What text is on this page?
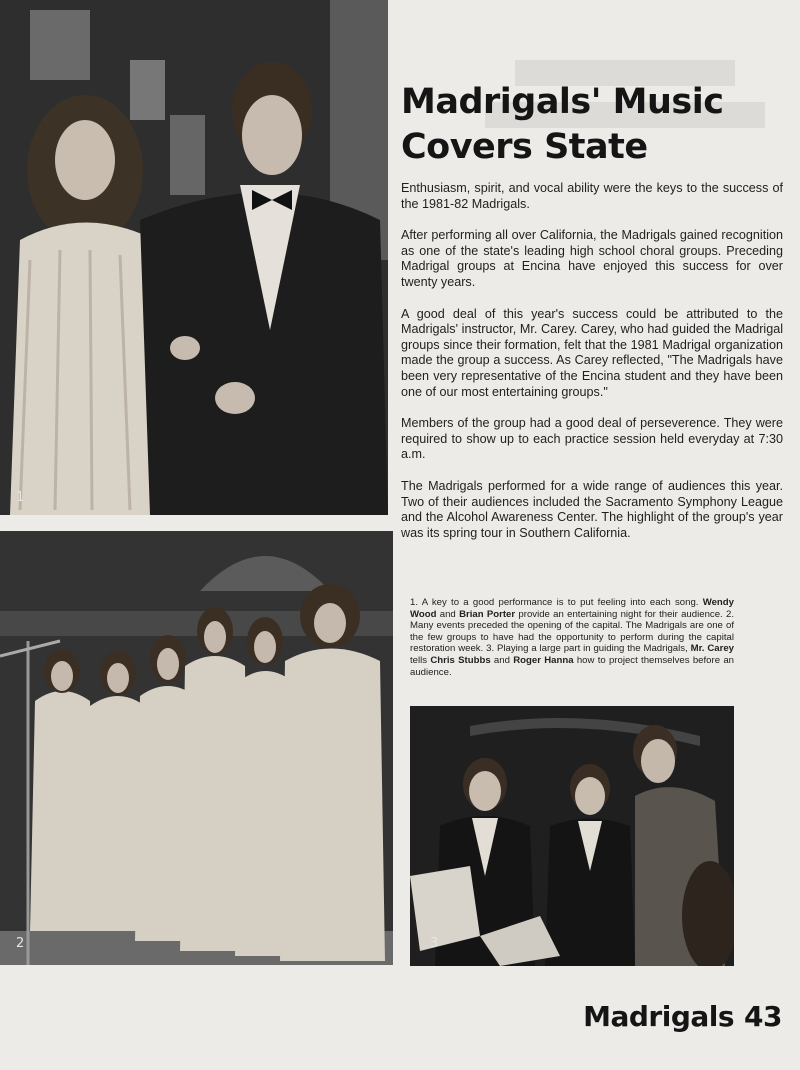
1
2
Madrigals' Music
Covers State

Enthusiasm, spirit, and vocal ability were the keys to the success of the 1981-82 Madrigals.

After performing all over California, the Madrigals gained recognition as one of the state's leading high school choral groups. Preceding Madrigal groups at Encina have enjoyed this success for over twenty years.

A good deal of this year's success could be attributed to the Madrigals' instructor, Mr. Carey. Carey, who had guided the Madrigal groups since their formation, felt that the 1981 Madrigal organization made the group a success. As Carey reflected, "The Madrigals have been very representative of the Encina student and they have been one of our most entertaining groups."

Members of the group had a good deal of perseverence. They were required to show up to each practice session held everyday at 7:30 a.m.

The Madrigals performed for a wide range of audiences this year. Two of their audiences included the Sacramento Symphony League and the Alcohol Awareness Center. The highlight of the group's year was its spring tour in Southern California.

1. A key to a good performance is to put feeling into each song. Wendy Wood and Brian Porter provide an entertaining night for their audience. 2. Many events preceded the opening of the capital. The Madrigals are one of the few groups to have had the opportunity to perform during the capital restoration week. 3. Playing a large part in guiding the Madrigals, Mr. Carey tells Chris Stubbs and Roger Hanna how to project themselves before an audience.

3
Madrigals 43
